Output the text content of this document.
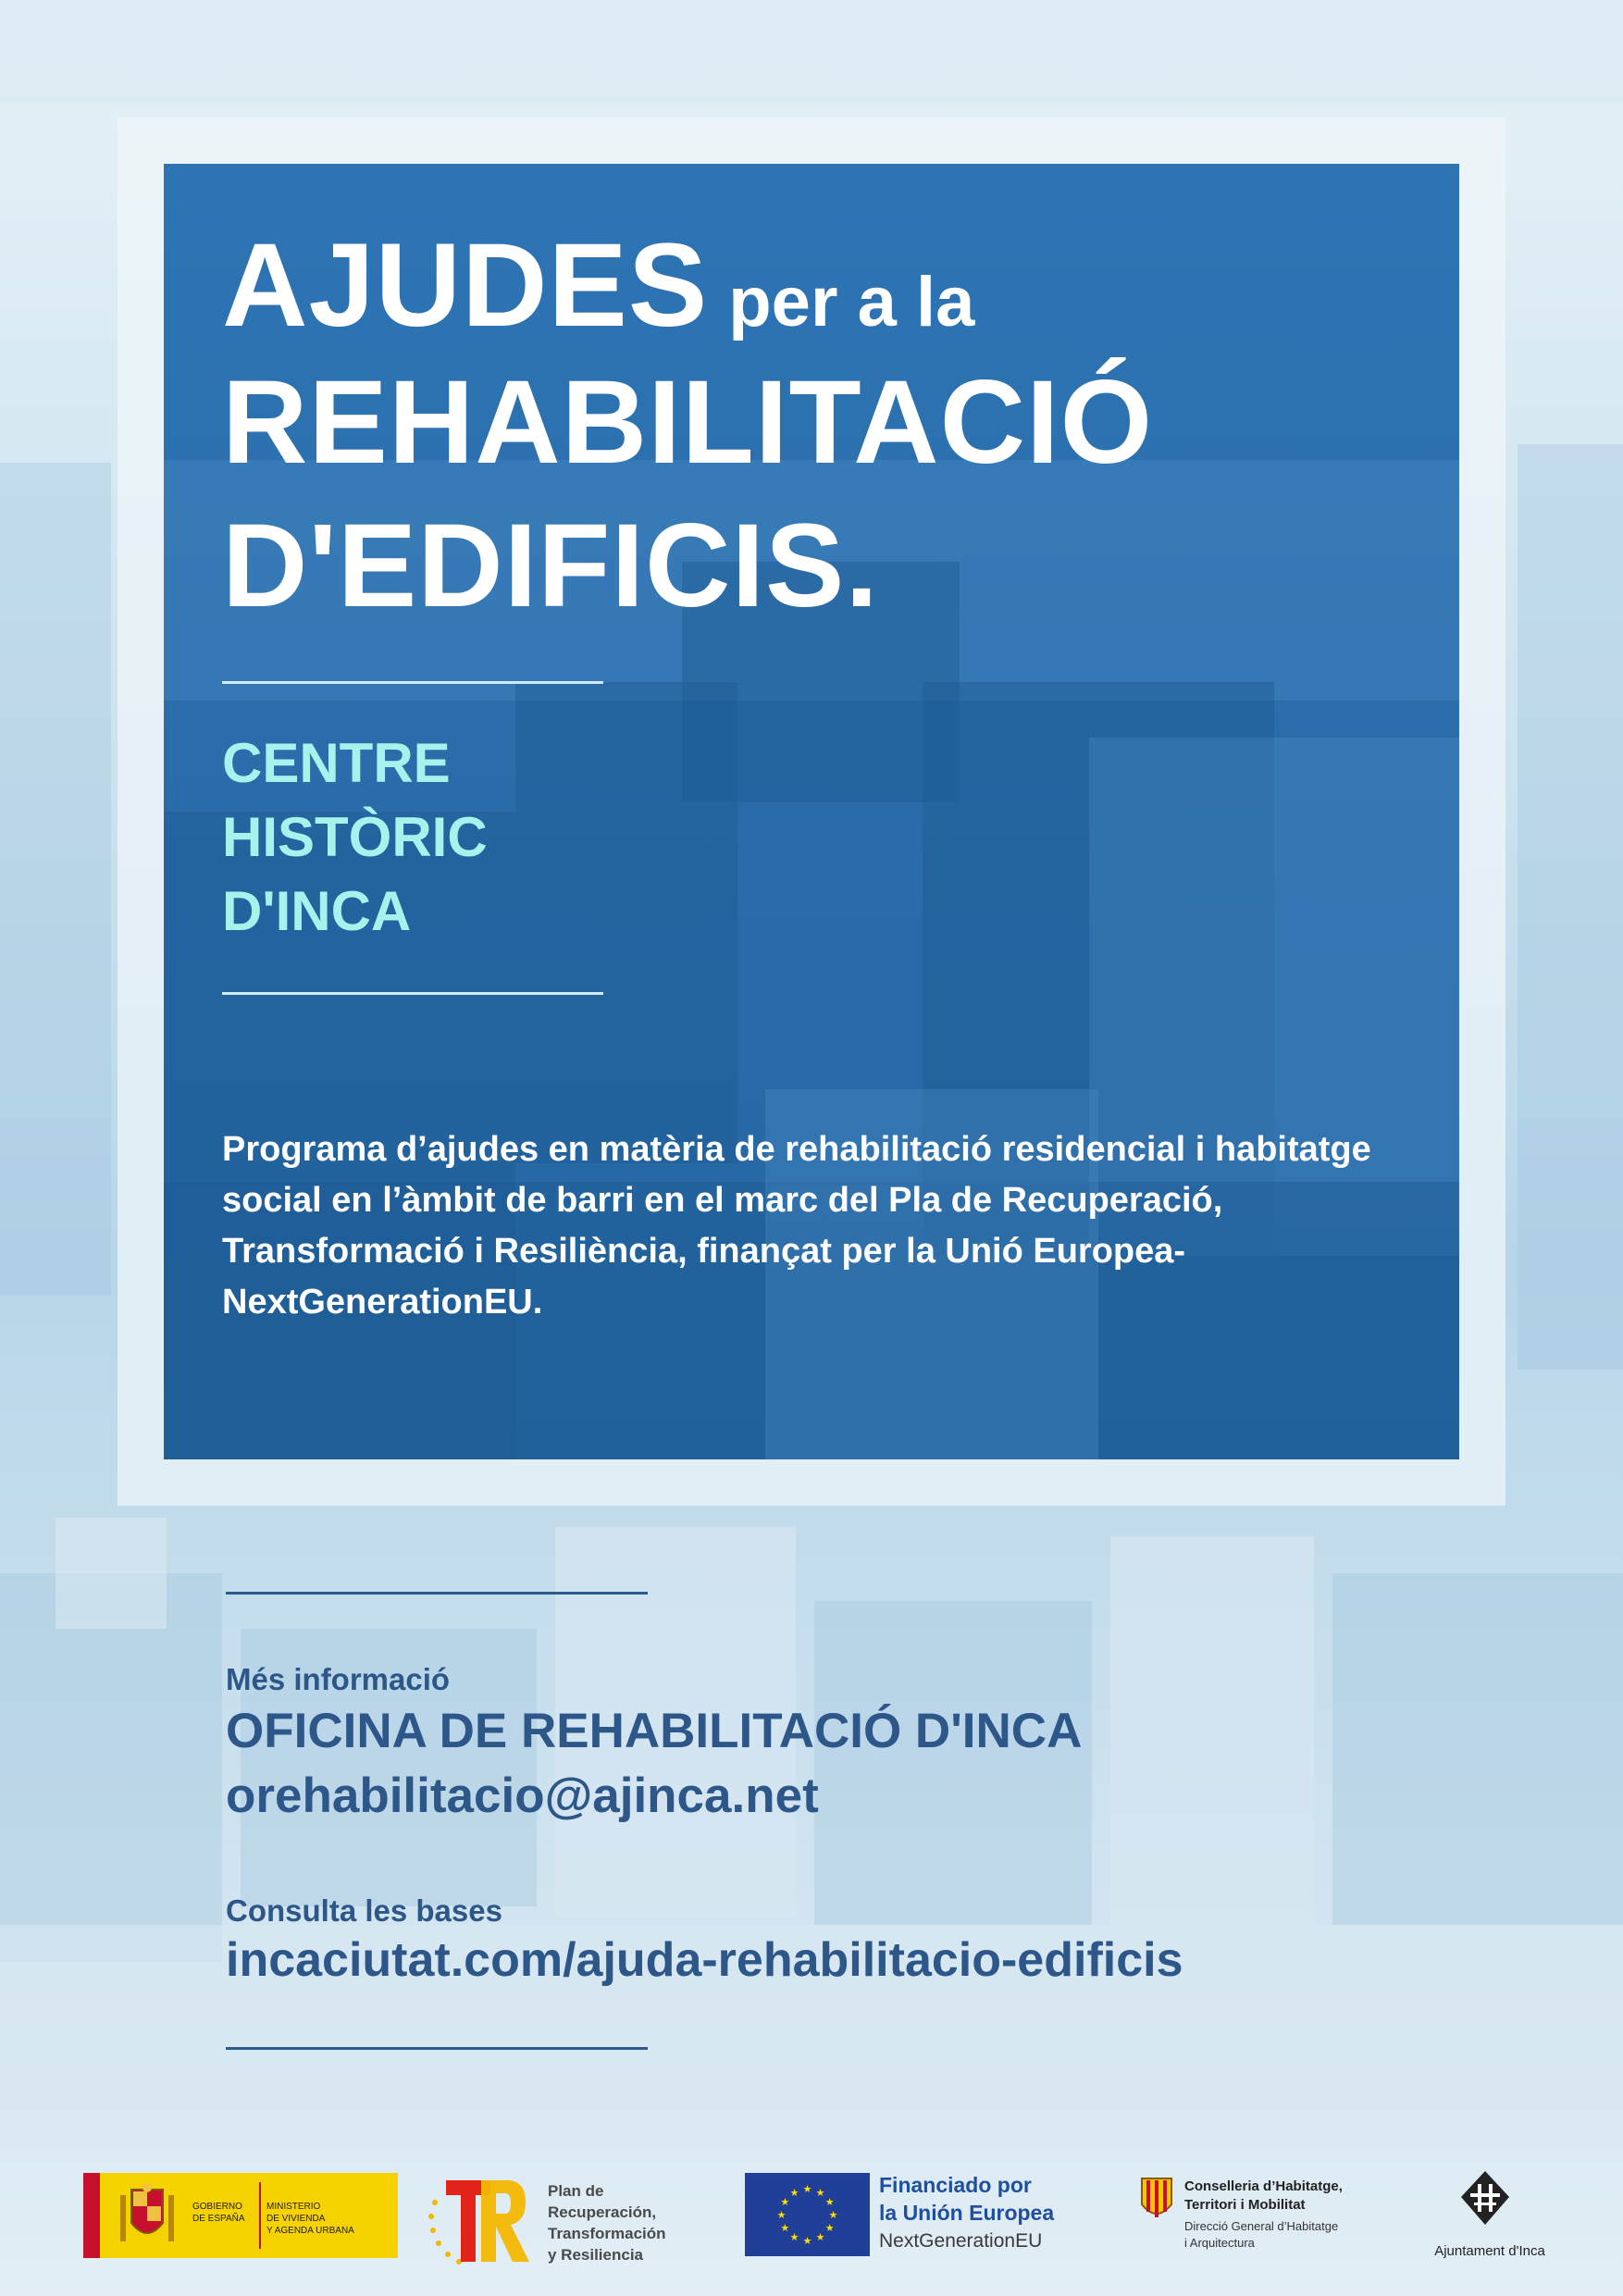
AJUDES per a la
REHABILITACIÓ
D'EDIFICIS.
CENTRE
HISTÒRIC
D'INCA
Programa d’ajudes en matèria de rehabilitació residencial i habitatge social en l’àmbit de barri en el marc del Pla de Recuperació, Transformació i Resiliència, finançat per la Unió Europea-NextGenerationEU.
Més informació
OFICINA DE REHABILITACIÓ D'INCA
orehabilitacio@ajinca.net
Consulta les bases
incaciutat.com/ajuda-rehabilitacio-edificis
GOBIERNO
DE ESPAÑA
MINISTERIO
DE VIVIENDA
Y AGENDA URBANA
Plan de
Recuperación,
Transformación
y Resiliencia
★ ★
★
★
★
★
★
★
★
★
★
★	Financiado por
la Unión Europea
NextGenerationEU
Conselleria d’Habitatge,
Territori i Mobilitat
Direcció General d’Habitatge
i Arquitectura
Ajuntament d'Inca
